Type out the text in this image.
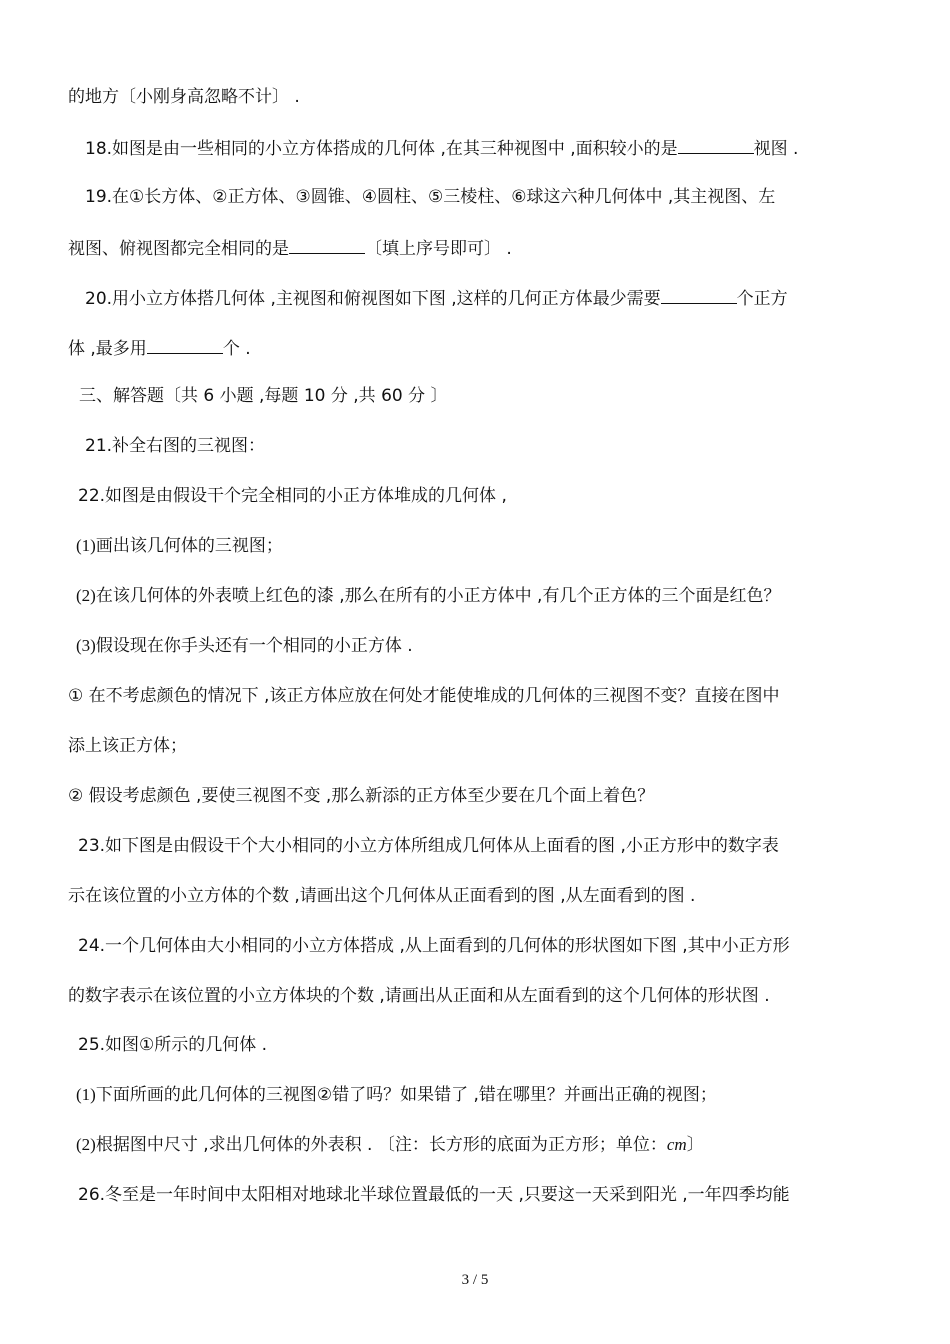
的地方〔小刚身高忽略不计〕 .
18.如图是由一些相同的小立方体搭成的几何体 ,在其三种视图中 ,面积较小的是	视图 .
19.在①长方体、②正方体、③圆锥、④圆柱、⑤三棱柱、⑥球这六种几何体中 ,其主视图、左
视图、俯视图都完全相同的是	〔填上序号即可〕 .
20.用小立方体搭几何体 ,主视图和俯视图如下图 ,这样的几何正方体最少需要	个正方
体 ,最多用	个 .
三、解答题〔共 6 小题 ,每题 10 分 ,共 60 分 〕
21.补全右图的三视图：
22.如图是由假设干个完全相同的小正方体堆成的几何体 ,
(1)画出该几何体的三视图；
(2)在该几何体的外表喷上红色的漆 ,那么在所有的小正方体中 ,有几个正方体的三个面是红色？
(3)假设现在你手头还有一个相同的小正方体 .
① 在不考虑颜色的情况下 ,该正方体应放在何处才能使堆成的几何体的三视图不变？直接在图中
添上该正方体；
② 假设考虑颜色 ,要使三视图不变 ,那么新添的正方体至少要在几个面上着色？
23.如下图是由假设干个大小相同的小立方体所组成几何体从上面看的图 ,小正方形中的数字表
示在该位置的小立方体的个数 ,请画出这个几何体从正面看到的图 ,从左面看到的图 .
24.一个几何体由大小相同的小立方体搭成 ,从上面看到的几何体的形状图如下图 ,其中小正方形
的数字表示在该位置的小立方体块的个数 ,请画出从正面和从左面看到的这个几何体的形状图 .
25.如图①所示的几何体 .
(1)下面所画的此几何体的三视图②错了吗？如果错了 ,错在哪里？并画出正确的视图；
(2)根据图中尺寸 ,求出几何体的外表积 . 〔注：长方形的底面为正方形；单位：cm〕
26.冬至是一年时间中太阳相对地球北半球位置最低的一天 ,只要这一天采到阳光 ,一年四季均能
3 / 5
